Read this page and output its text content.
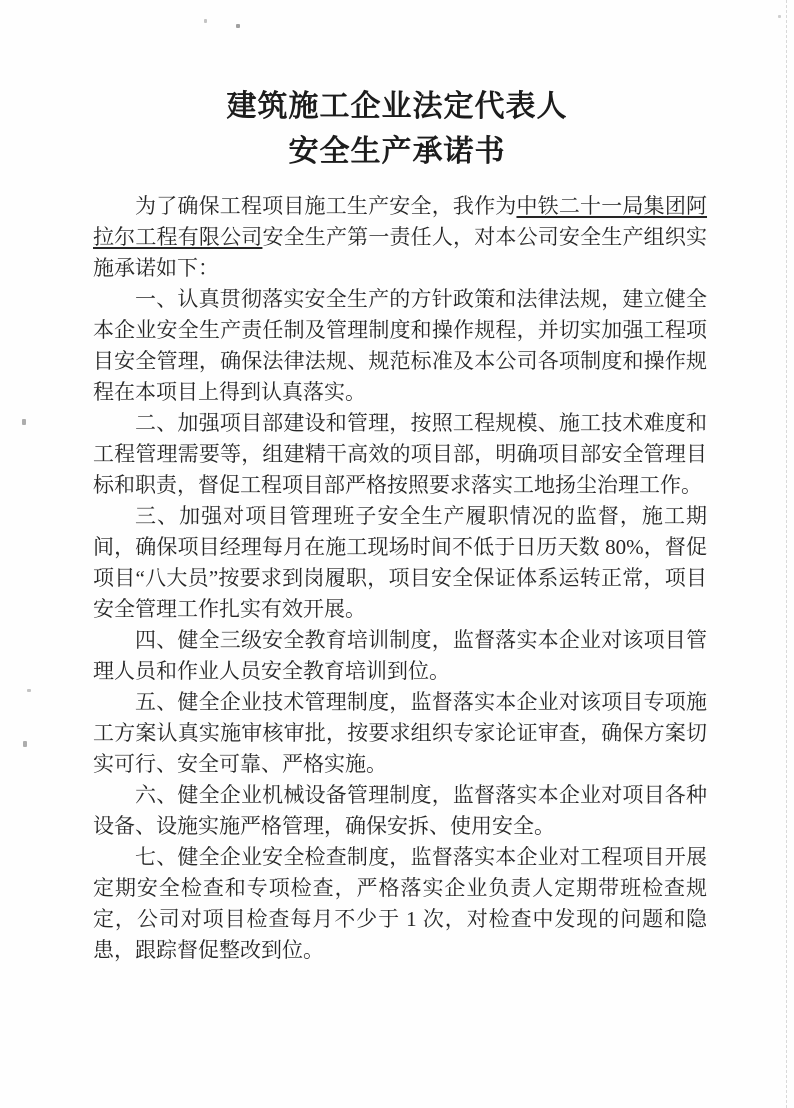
建筑施工企业法定代表人
安全生产承诺书

为了确保工程项目施工生产安全，我作为中铁二十一局集团阿拉尔工程有限公司安全生产第一责任人，对本公司安全生产组织实施承诺如下：

一、认真贯彻落实安全生产的方针政策和法律法规，建立健全本企业安全生产责任制及管理制度和操作规程，并切实加强工程项目安全管理，确保法律法规、规范标准及本公司各项制度和操作规程在本项目上得到认真落实。

二、加强项目部建设和管理，按照工程规模、施工技术难度和工程管理需要等，组建精干高效的项目部，明确项目部安全管理目标和职责，督促工程项目部严格按照要求落实工地扬尘治理工作。

三、加强对项目管理班子安全生产履职情况的监督，施工期间，确保项目经理每月在施工现场时间不低于日历天数 80%，督促项目“八大员”按要求到岗履职，项目安全保证体系运转正常，项目安全管理工作扎实有效开展。

四、健全三级安全教育培训制度，监督落实本企业对该项目管理人员和作业人员安全教育培训到位。

五、健全企业技术管理制度，监督落实本企业对该项目专项施工方案认真实施审核审批，按要求组织专家论证审查，确保方案切实可行、安全可靠、严格实施。

六、健全企业机械设备管理制度，监督落实本企业对项目各种设备、设施实施严格管理，确保安拆、使用安全。

七、健全企业安全检查制度，监督落实本企业对工程项目开展定期安全检查和专项检查，严格落实企业负责人定期带班检查规定，公司对项目检查每月不少于 1 次，对检查中发现的问题和隐患，跟踪督促整改到位。
